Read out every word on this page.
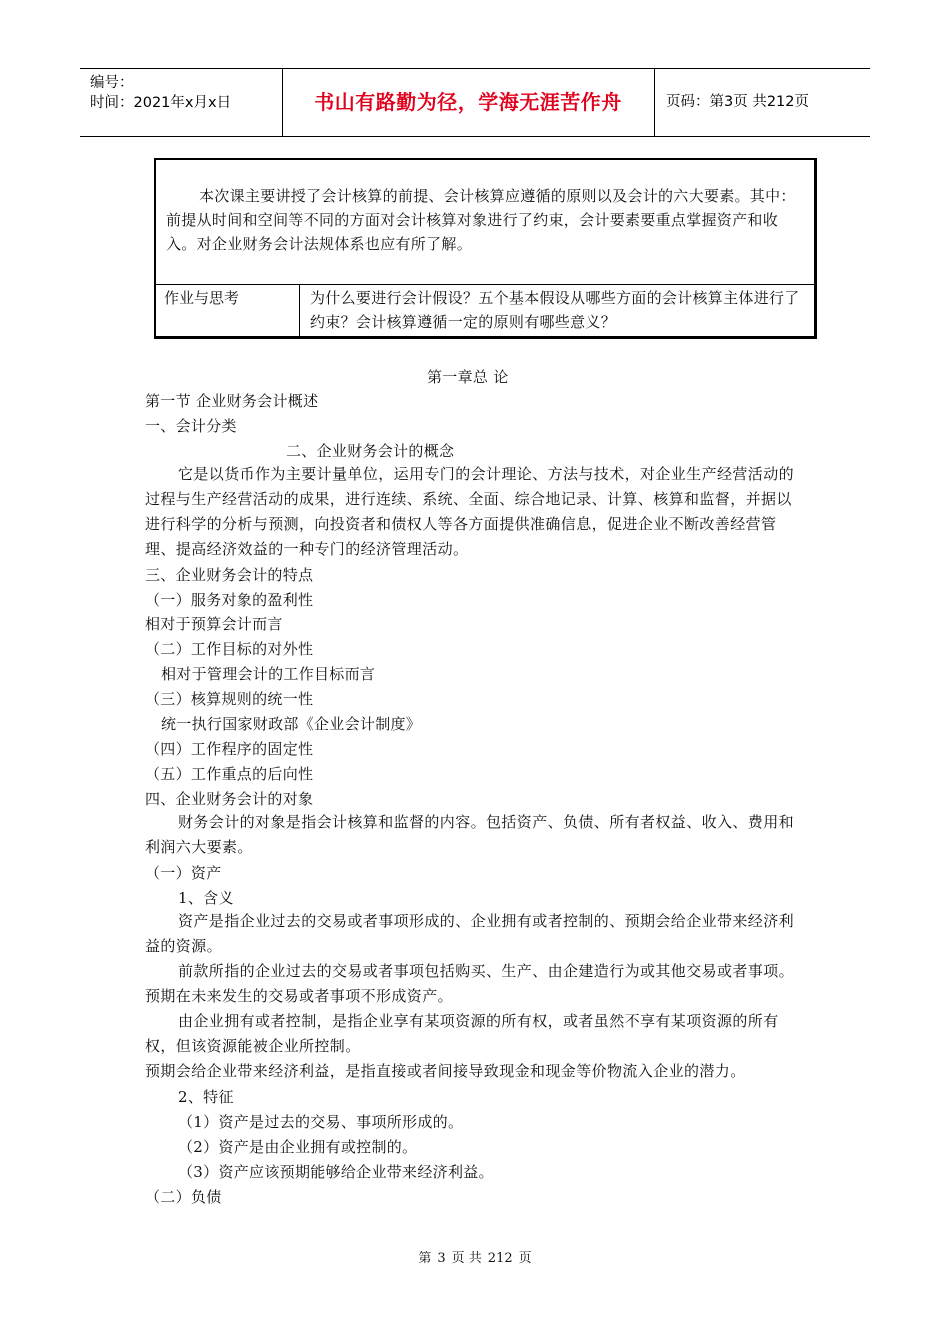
编号：
时间：2021年x月x日	书山有路勤为径，学海无涯苦作舟	页码：第3页 共212页
本次课主要讲授了会计核算的前提、会计核算应遵循的原则以及会计的六大要素。其中：前提从时间和空间等不同的方面对会计核算对象进行了约束，会计要素要重点掌握资产和收入。对企业财务会计法规体系也应有所了解。
作业与思考	为什么要进行会计假设？五个基本假设从哪些方面的会计核算主体进行了约束？会计核算遵循一定的原则有哪些意义？
第一章总 论
第一节 企业财务会计概述
一、会计分类
二、企业财务会计的概念
它是以货币作为主要计量单位，运用专门的会计理论、方法与技术，对企业生产经营活动的过程与生产经营活动的成果，进行连续、系统、全面、综合地记录、计算、核算和监督，并据以进行科学的分析与预测，向投资者和债权人等各方面提供准确信息，促进企业不断改善经营管理、提高经济效益的一种专门的经济管理活动。
三、企业财务会计的特点
（一）服务对象的盈利性
相对于预算会计而言
（二）工作目标的对外性
相对于管理会计的工作目标而言
（三）核算规则的统一性
统一执行国家财政部《企业会计制度》
（四）工作程序的固定性
（五）工作重点的后向性
四、企业财务会计的对象
财务会计的对象是指会计核算和监督的内容。包括资产、负债、所有者权益、收入、费用和利润六大要素。
（一）资产
1、含义
资产是指企业过去的交易或者事项形成的、企业拥有或者控制的、预期会给企业带来经济利益的资源。
前款所指的企业过去的交易或者事项包括购买、生产、由企建造行为或其他交易或者事项。预期在未来发生的交易或者事项不形成资产。
由企业拥有或者控制，是指企业享有某项资源的所有权，或者虽然不享有某项资源的所有权，但该资源能被企业所控制。
预期会给企业带来经济利益，是指直接或者间接导致现金和现金等价物流入企业的潜力。
2、特征
（1）资产是过去的交易、事项所形成的。
（2）资产是由企业拥有或控制的。
（3）资产应该预期能够给企业带来经济利益。
（二）负债
第 3 页 共 212 页
